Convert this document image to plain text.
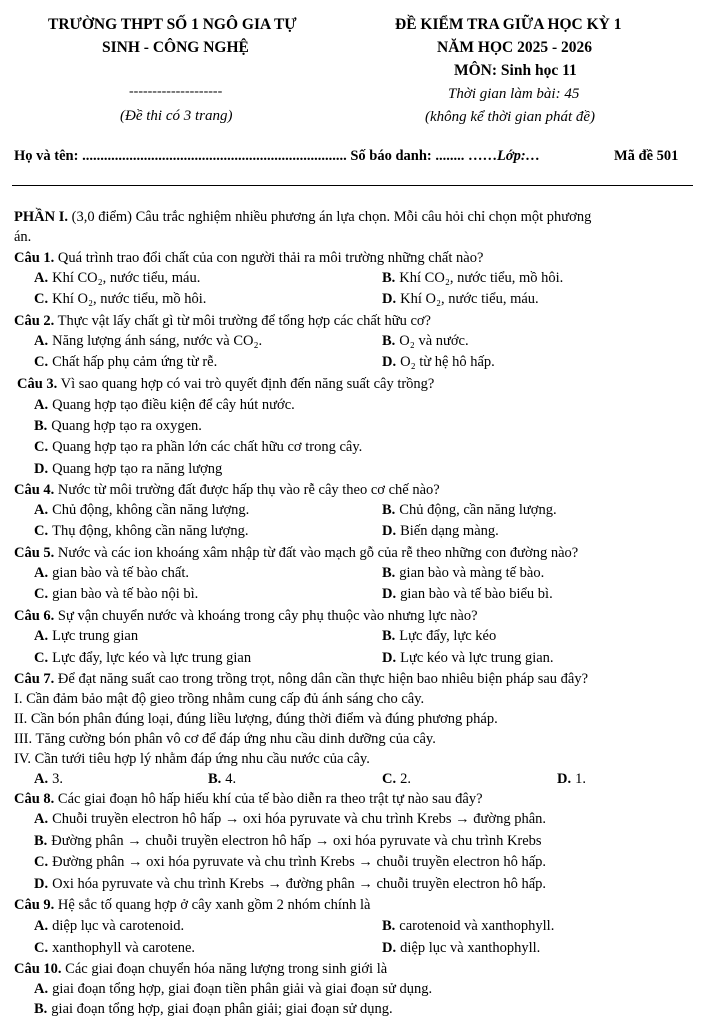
TRƯỜNG THPT SỐ 1 NGÔ GIA TỰ
SINH - CÔNG NGHỆ
--------------------
(Đề thi có 3 trang)
ĐỀ KIỂM TRA GIỮA HỌC KỲ 1
NĂM HỌC 2025 - 2026
MÔN: Sinh học 11
Thời gian làm bài: 45
(không kể thời gian phát đề)
Họ và tên: ......................................................................... Số báo danh: ........ ……Lớp:…	Mã đề 501
PHẦN I. (3,0 điểm) Câu trắc nghiệm nhiều phương án lựa chọn. Mỗi câu hỏi chỉ chọn một phương
án.
Câu 1. Quá trình trao đổi chất của con người thải ra môi trường những chất nào?
A. Khí CO₂, nước tiểu, máu.	B. Khí CO₂, nước tiểu, mồ hôi.
C. Khí O₂, nước tiểu, mồ hôi.	D. Khí O₂, nước tiểu, máu.
Câu 2. Thực vật lấy chất gì từ môi trường để tổng hợp các chất hữu cơ?
A. Năng lượng ánh sáng, nước và CO₂.	B. O₂ và nước.
C. Chất hấp phụ cảm ứng từ rễ.	D. O₂ từ hệ hô hấp.
Câu 3. Vì sao quang hợp có vai trò quyết định đến năng suất cây trồng?
A. Quang hợp tạo điều kiện để cây hút nước.
B. Quang hợp tạo ra oxygen.
C. Quang hợp tạo ra phần lớn các chất hữu cơ trong cây.
D. Quang hợp tạo ra năng lượng
Câu 4. Nước từ môi trường đất được hấp thụ vào rễ cây theo cơ chế nào?
A. Chủ động, không cần năng lượng.	B. Chủ động, cần năng lượng.
C. Thụ động, không cần năng lượng.	D. Biến dạng màng.
Câu 5. Nước và các ion khoáng xâm nhập từ đất vào mạch gỗ của rễ theo những con đường nào?
A. gian bào và tế bào chất.	B. gian bào và màng tế bào.
C. gian bào và tế bào nội bì.	D. gian bào và tế bào biểu bì.
Câu 6. Sự vận chuyển nước và khoáng trong cây phụ thuộc vào nhưng lực nào?
A. Lực trung gian	B. Lực đẩy, lực kéo
C. Lực đẩy, lực kéo và lực trung gian	D. Lực kéo và lực trung gian.
Câu 7. Để đạt năng suất cao trong trồng trọt, nông dân cần thực hiện bao nhiêu biện pháp sau đây?
I. Cần đảm bảo mật độ gieo trồng nhằm cung cấp đủ ánh sáng cho cây.
II. Cần bón phân đúng loại, đúng liều lượng, đúng thời điểm và đúng phương pháp.
III. Tăng cường bón phân vô cơ để đáp ứng nhu cầu dinh dưỡng của cây.
IV. Cần tưới tiêu hợp lý nhằm đáp ứng nhu cầu nước của cây.
A. 3.	B. 4.	C. 2.	D. 1.
Câu 8. Các giai đoạn hô hấp hiếu khí của tế bào diễn ra theo trật tự nào sau đây?
A. Chuỗi truyền electron hô hấp → oxi hóa pyruvate và chu trình Krebs → đường phân.
B. Đường phân → chuỗi truyền electron hô hấp → oxi hóa pyruvate và chu trình Krebs
C. Đường phân → oxi hóa pyruvate và chu trình Krebs → chuỗi truyền electron hô hấp.
D. Oxi hóa pyruvate và chu trình Krebs → đường phân → chuỗi truyền electron hô hấp.
Câu 9. Hệ sắc tố quang hợp ở cây xanh gồm 2 nhóm chính là
A. diệp lục và carotenoid.	B. carotenoid và xanthophyll.
C. xanthophyll và carotene.	D. diệp lục và xanthophyll.
Câu 10. Các giai đoạn chuyển hóa năng lượng trong sinh giới là
A. giai đoạn tổng hợp, giai đoạn tiền phân giải và giai đoạn sử dụng.
B. giai đoạn tổng hợp, giai đoạn phân giải; giai đoạn sử dụng.
